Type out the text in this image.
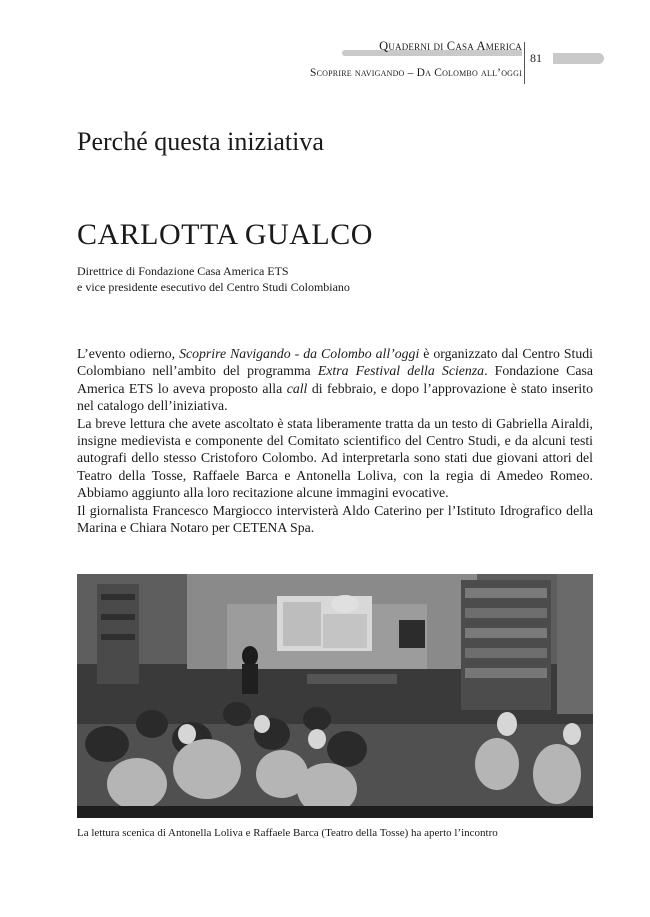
Quaderni di Casa America
Scoprire navigando – Da Colombo all’oggi
81
Perché questa iniziativa
CARLOTTA GUALCO
Direttrice di Fondazione Casa America ETS
e vice presidente esecutivo del Centro Studi Colombiano

L’evento odierno, Scoprire Navigando - da Colombo all’oggi è organizzato dal Centro Studi Colombiano nell’ambito del programma Extra Festival della Scienza. Fondazione Casa America ETS lo aveva proposto alla call di febbraio, e dopo l’approvazione è stato inserito nel catalogo dell’iniziativa.

La breve lettura che avete ascoltato è stata liberamente tratta da un testo di Gabriella Airaldi, insigne medievista e componente del Comitato scientifico del Centro Studi, e da alcuni testi autografi dello stesso Cristoforo Colombo. Ad interpretarla sono stati due giovani attori del Teatro della Tosse, Raffaele Barca e Antonella Loliva, con la regia di Amedeo Romeo. Abbiamo aggiunto alla loro recitazione alcune immagini evocative.

Il giornalista Francesco Margiocco intervisterà Aldo Caterino per l’Istituto Idrografico della Marina e Chiara Notaro per CETENA Spa.

La lettura scenica di Antonella Loliva e Raffaele Barca (Teatro della Tosse) ha aperto l’incontro
